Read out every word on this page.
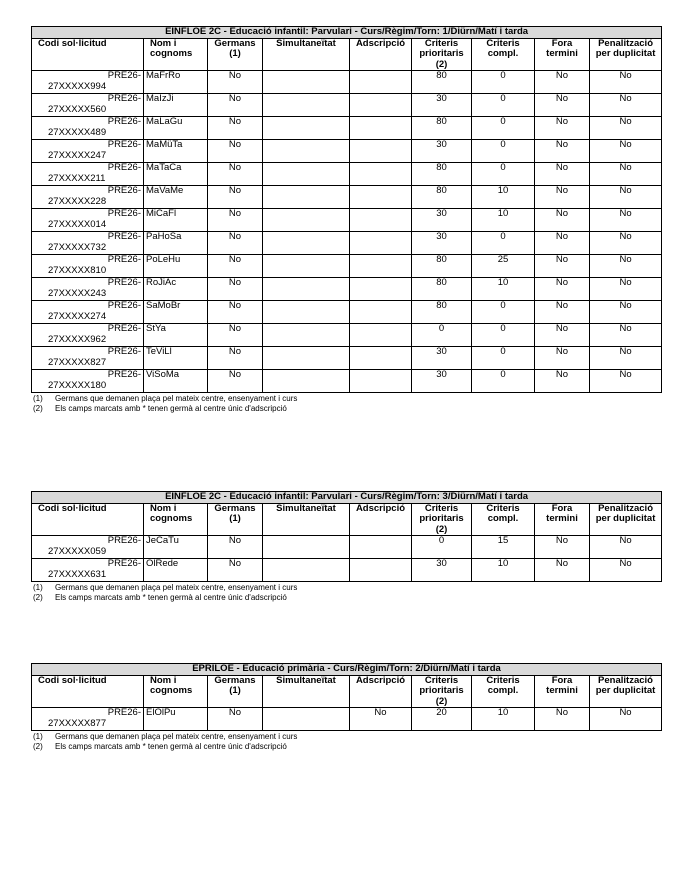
EINFLOE 2C - Educació infantil: Parvulari - Curs/Règim/Torn: 1/Diürn/Matí i tarda								
Codi sol·licitud	Nom i cognoms	Germans (1)	Simultaneïtat	Adscripció	Criteris prioritaris (2)	Criteris compl.	Fora termini	Penalització per duplicitat

PRE26-
27XXXXX994	MaFrRo	No			80	0	No	No

PRE26-
27XXXXX560	MaIzJi	No			30	0	No	No

PRE26-
27XXXXX489	MaLaGu	No			80	0	No	No

PRE26-
27XXXXX247	MaMüTa	No			30	0	No	No

PRE26-
27XXXXX211	MaTaCa	No			80	0	No	No

PRE26-
27XXXXX228	MaVaMe	No			80	10	No	No

PRE26-
27XXXXX014	MiCaFl	No			30	10	No	No

PRE26-
27XXXXX732	PaHoSa	No			30	0	No	No

PRE26-
27XXXXX810	PoLeHu	No			80	25	No	No

PRE26-
27XXXXX243	RoJiAc	No			80	10	No	No

PRE26-
27XXXXX274	SaMoBr	No			80	0	No	No

PRE26-
27XXXXX962	StYa	No			0	0	No	No

PRE26-
27XXXXX827	TeViLl	No			30	0	No	No

PRE26-
27XXXXX180	ViSoMa	No			30	0	No	No
(1) Germans que demanen plaça pel mateix centre, ensenyament i curs
(2) Els camps marcats amb * tenen germà al centre únic d'adscripció
EINFLOE 2C - Educació infantil: Parvulari - Curs/Règim/Torn: 3/Diürn/Matí i tarda								
Codi sol·licitud	Nom i cognoms	Germans (1)	Simultaneïtat	Adscripció	Criteris prioritaris (2)	Criteris compl.	Fora termini	Penalització per duplicitat

PRE26-
27XXXXX059	JeCaTu	No			0	15	No	No

PRE26-
27XXXXX631	OlRede	No			30	10	No	No
(1) Germans que demanen plaça pel mateix centre, ensenyament i curs
(2) Els camps marcats amb * tenen germà al centre únic d'adscripció
EPRILOE - Educació primària - Curs/Règim/Torn: 2/Diürn/Matí i tarda								
Codi sol·licitud	Nom i cognoms	Germans (1)	Simultaneïtat	Adscripció	Criteris prioritaris (2)	Criteris compl.	Fora termini	Penalització per duplicitat

PRE26-
27XXXXX877	ElOlPu	No		No	20	10	No	No
(1) Germans que demanen plaça pel mateix centre, ensenyament i curs
(2) Els camps marcats amb * tenen germà al centre únic d'adscripció
